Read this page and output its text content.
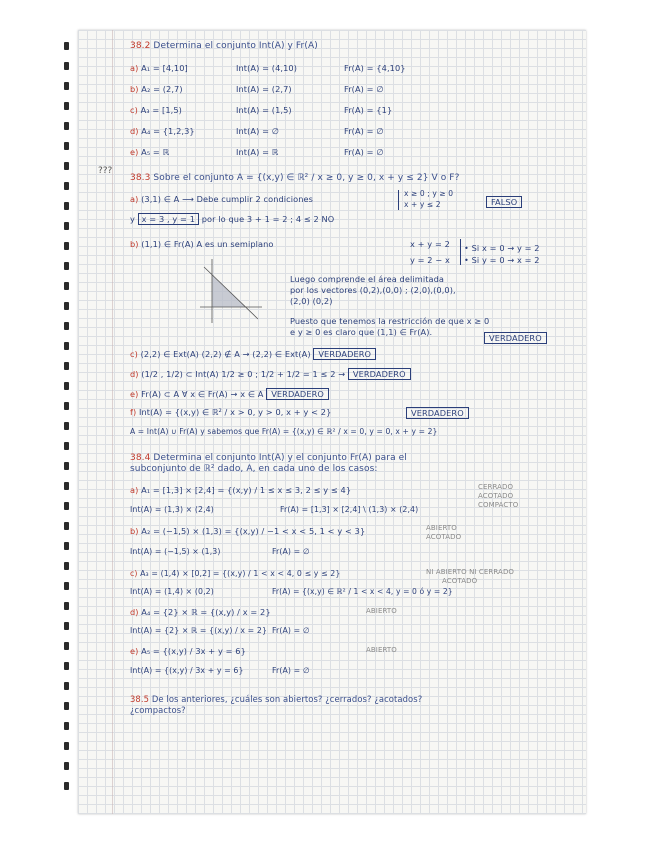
38.2 Determina el conjunto Int(A) y Fr(A)
a) A₁ = [4,10]	Int(A) = (4,10)	Fr(A) = {4,10}
b) A₂ = (2,7)	Int(A) = (2,7)	Fr(A) = ∅
c) A₃ = [1,5)	Int(A) = (1,5)	Fr(A) = {1}
d) A₄ = {1,2,3}	Int(A) = ∅	Fr(A) = ∅
e) A₅ = ℝ	Int(A) = ℝ	Fr(A) = ∅
38.3 Sobre el conjunto A = {(x,y) ∈ ℝ² / x ≥ 0, y ≥ 0, x + y ≤ 2} V o F?
a) (3,1) ∈ A ⟶ Debe cumplir 2 condiciones
x ≥ 0 ; y ≥ 0
x + y ≤ 2	FALSO
y x = 3 , y = 1 por lo que 3 + 1 = 2 ; 4 ≤ 2 NO
b) (1,1) ∈ Fr(A) A es un semiplano	x + y = 2
y = 2 − x
• Si x = 0 → y = 2
• Si y = 0 → x = 2
Luego comprende el área delimitada
por los vectores (0,2),(0,0) ; (2,0),(0,0),
(2,0) (0,2)
Puesto que tenemos la restricción de que x ≥ 0
e y ≥ 0 es claro que (1,1) ∈ Fr(A).
VERDADERO
c) (2,2) ∈ Ext(A) (2,2) ∉ A → (2,2) ∈ Ext(A) VERDADERO
d) (1/2 , 1/2) ⊂ Int(A) 1/2 ≥ 0 ; 1/2 + 1/2 = 1 ≤ 2 → VERDADERO
e) Fr(A) ⊂ A ∀ x ∈ Fr(A) → x ∈ A VERDADERO
f) Int(A) = {(x,y) ∈ ℝ² / x > 0, y > 0, x + y < 2}	VERDADERO
A = Int(A) ∪ Fr(A) y sabemos que Fr(A) = {(x,y) ∈ ℝ² / x = 0, y = 0, x + y = 2}
38.4 Determina el conjunto Int(A) y el conjunto Fr(A) para el
subconjunto de ℝ² dado, A, en cada uno de los casos:
a) A₁ = [1,3] × [2,4] = {(x,y) / 1 ≤ x ≤ 3, 2 ≤ y ≤ 4}	CERRADO
ACOTADO
COMPACTO
Int(A) = (1,3) × (2,4)	Fr(A) = [1,3] × [2,4] \ (1,3) × (2,4)
b) A₂ = (−1,5) × (1,3) = {(x,y) / −1 < x < 5, 1 < y < 3}	ABIERTO
ACOTADO
Int(A) = (−1,5) × (1,3)	Fr(A) = ∅
c) A₃ = (1,4) × [0,2] = {(x,y) / 1 < x < 4, 0 ≤ y ≤ 2}	NI ABIERTO NI CERRADO
ACOTADO
Int(A) = (1,4) × (0,2)	Fr(A) = {(x,y) ∈ ℝ² / 1 < x < 4, y = 0 ó y = 2}
d) A₄ = {2} × ℝ = {(x,y) / x = 2}	ABIERTO
Int(A) = {2} × ℝ = {(x,y) / x = 2} Fr(A) = ∅
e) A₅ = {(x,y) / 3x + y = 6}	ABIERTO
Int(A) = {(x,y) / 3x + y = 6}	Fr(A) = ∅
38.5 De los anteriores, ¿cuáles son abiertos? ¿cerrados? ¿acotados?
¿compactos?
???
